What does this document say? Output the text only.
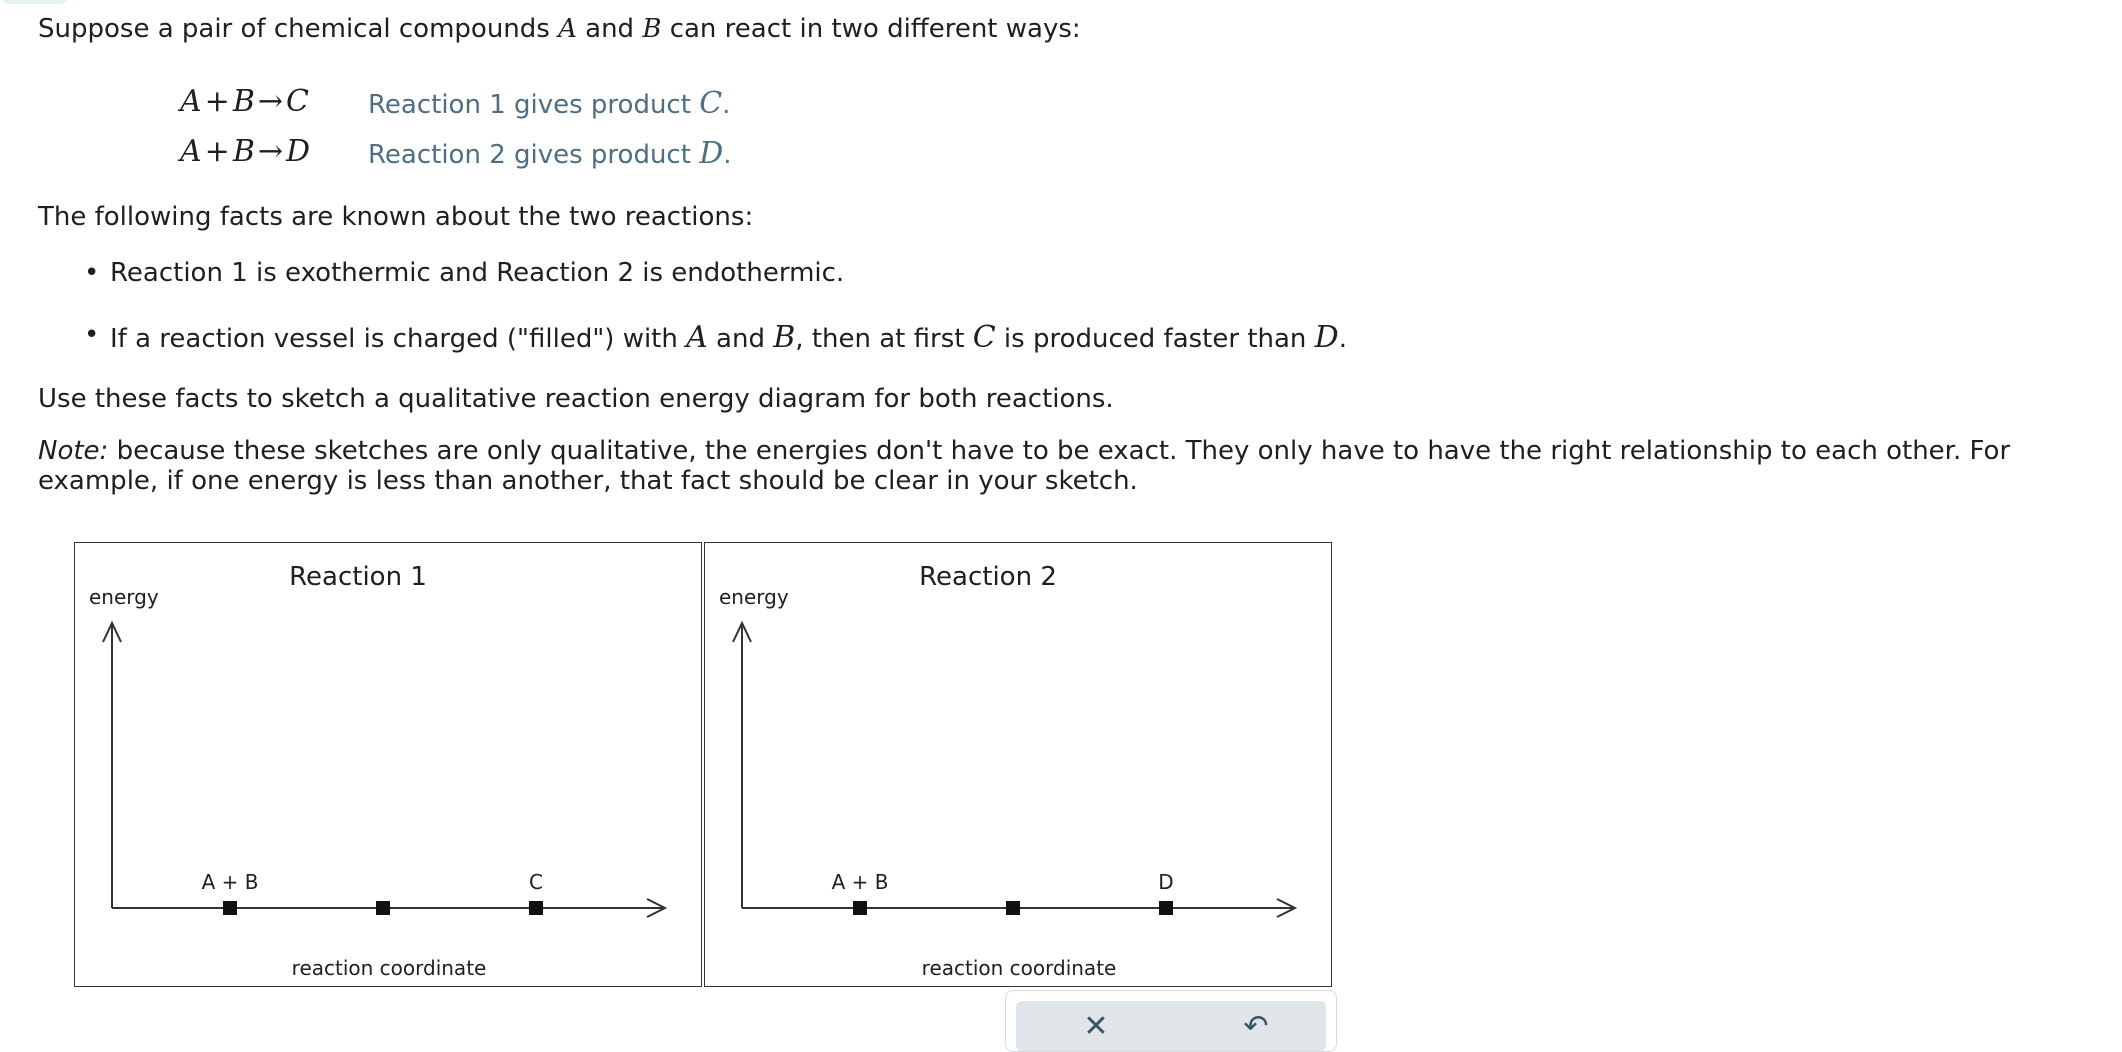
Suppose a pair of chemical compounds A and B can react in two different ways:

A + B → C Reaction 1 gives product C.
A + B → D Reaction 2 gives product D.

The following facts are known about the two reactions:

• Reaction 1 is exothermic and Reaction 2 is endothermic.
• If a reaction vessel is charged ("filled") with A and B, then at first C is produced faster than D.

Use these facts to sketch a qualitative reaction energy diagram for both reactions.

Note: because these sketches are only qualitative, the energies don't have to be exact. They only have to have the right relationship to each other. For example, if one energy is less than another, that fact should be clear in your sketch.
Reaction 1
energy
A + B	C
reaction coordinate
Reaction 2
energy
A + B	D
reaction coordinate
✕	↶
